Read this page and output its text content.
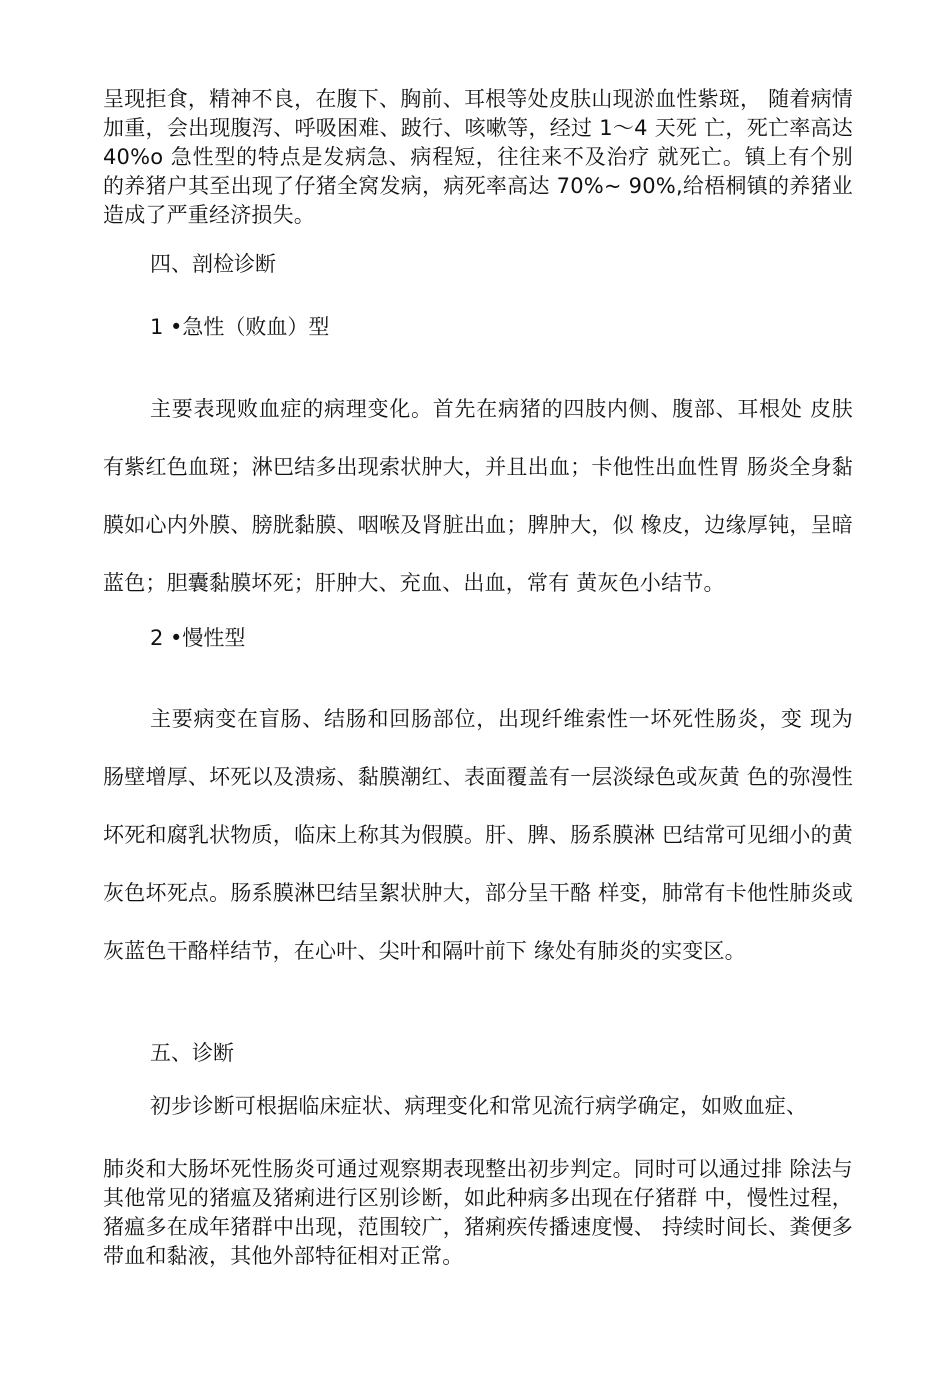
呈现拒食，精神不良，在腹下、胸前、耳根等处皮肤山现淤血性紫斑， 随着病情加重，会出现腹泻、呼吸困难、跛行、咳嗽等，经过 1〜4 天死 亡，死亡率高达 40%o 急性型的特点是发病急、病程短，往往来不及治疗 就死亡。镇上有个别的养猪户其至出现了仔猪全窝发病，病死率高达 70%~ 90%,给梧桐镇的养猪业造成了严重经济损失。

四、剖检诊断

1 •急性（败血）型

主要表现败血症的病理变化。首先在病猪的四肢内侧、腹部、耳根处 皮肤有紫红色血斑；淋巴结多出现索状肿大，并且出血；卡他性出血性胃 肠炎全身黏膜如心内外膜、膀胱黏膜、咽喉及肾脏出血；脾肿大，似 橡皮，边缘厚钝，呈暗蓝色；胆囊黏膜坏死；肝肿大、充血、出血，常有 黄灰色小结节。

2 •慢性型

主要病变在盲肠、结肠和回肠部位，出现纤维索性一坏死性肠炎，变 现为肠壁增厚、坏死以及溃疡、黏膜潮红、表面覆盖有一层淡绿色或灰黄 色的弥漫性坏死和腐乳状物质，临床上称其为假膜。肝、脾、肠系膜淋 巴结常可见细小的黄灰色坏死点。肠系膜淋巴结呈絮状肿大，部分呈干酪 样变，肺常有卡他性肺炎或灰蓝色干酪样结节，在心叶、尖叶和隔叶前下 缘处有肺炎的实变区。

五、诊断

初步诊断可根据临床症状、病理变化和常见流行病学确定，如败血症、

肺炎和大肠坏死性肠炎可通过观察期表现整出初步判定。同时可以通过排 除法与其他常见的猪瘟及猪痢进行区别诊断，如此种病多出现在仔猪群 中，慢性过程，猪瘟多在成年猪群中出现，范围较广，猪痢疾传播速度慢、 持续时间长、粪便多带血和黏液，其他外部特征相对正常。
